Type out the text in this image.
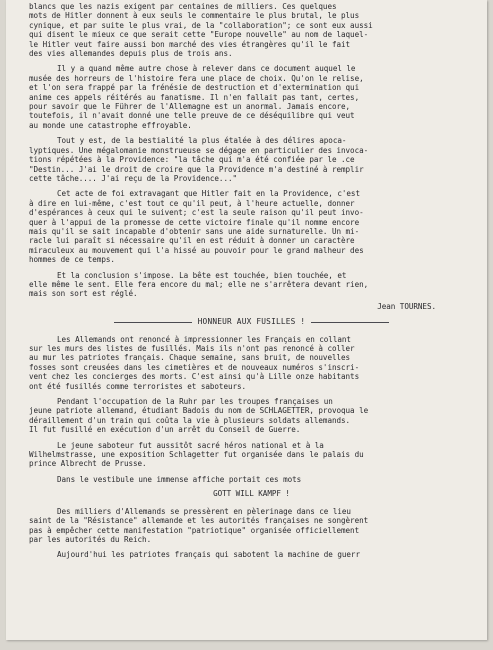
blancs que les nazis exigent par centaines de milliers. Ces quelques
mots de Hitler donnent à eux seuls le commentaire le plus brutal, le plus
cynique, et par suite le plus vrai, de la "collaboration"; ce sont eux aussi
qui disent le mieux ce que serait cette "Europe nouvelle" au nom de laquel-
le Hitler veut faire aussi bon marché des vies étrangères qu'il le fait
des vies allemandes depuis plus de trois ans.

Il y a quand même autre chose à relever dans ce document auquel le
musée des horreurs de l'histoire fera une place de choix. Qu'on le relise,
et l'on sera frappé par la frénésie de destruction et d'extermination qui
anime ces appels réitérés au fanatisme. Il n'en fallait pas tant, certes,
pour savoir que le Führer de l'Allemagne est un anormal. Jamais encore,
toutefois, il n'avait donné une telle preuve de ce déséquilibre qui veut
au monde une catastrophe effroyable.

Tout y est, de la bestialité la plus étalée à des délires apoca-
lyptiques. Une mégalomanie monstrueuse se dégage en particulier des invoca-
tions répétées à la Providence: "la tâche qui m'a été confiée par le .ce
"Destin... J'ai le droit de croire que la Providence m'a destiné à remplir
cette tâche.... J'ai reçu de la Providence..."

Cet acte de foi extravagant que Hitler fait en la Providence, c'est
à dire en lui-même, c'est tout ce qu'il peut, à l'heure actuelle, donner
d'espérances à ceux qui le suivent; c'est la seule raison qu'il peut invo-
quer à l'appui de la promesse de cette victoire finale qu'il nomme encore
mais qu'il se sait incapable d'obtenir sans une aide surnaturelle. Un mi-
racle lui paraît si nécessaire qu'il en est réduit à donner un caractère
miraculeux au mouvement qui l'a hissé au pouvoir pour le grand malheur des
hommes de ce temps.

Et la conclusion s'impose. La bête est touchée, bien touchée, et
elle même le sent. Elle fera encore du mal; elle ne s'arrêtera devant rien,
mais son sort est réglé.

Jean TOURNES.
HONNEUR AUX FUSILLES !

Les Allemands ont renoncé à impressionner les Français en collant
sur les murs des listes de fusillés. Mais ils n'ont pas renoncé à coller
au mur les patriotes français. Chaque semaine, sans bruit, de nouvelles
fosses sont creusées dans les cimetières et de nouveaux numéros s'inscri-
vent chez les concierges des morts. C'est ainsi qu'à Lille onze habitants
ont été fusillés comme terroristes et saboteurs.

Pendant l'occupation de la Ruhr par les troupes françaises un
jeune patriote allemand, étudiant Badois du nom de SCHLAGETTER, provoqua le
déraillement d'un train qui coûta la vie à plusieurs soldats allemands.
Il fut fusillé en exécution d'un arrêt du Conseil de Guerre.

Le jeune saboteur fut aussitôt sacré héros national et à la
Wilhelmstrasse, une exposition Schlagetter fut organisée dans le palais du
prince Albrecht de Prusse.

Dans le vestibule une immense affiche portait ces mots

GOTT WILL KAMPF !

Des milliers d'Allemands se pressèrent en pèlerinage dans ce lieu
saint de la "Résistance" allemande et les autorités françaises ne songèrent
pas à empêcher cette manifestation "patriotique" organisée officiellement
par les autorités du Reich.

Aujourd'hui les patriotes français qui sabotent la machine de guerr
